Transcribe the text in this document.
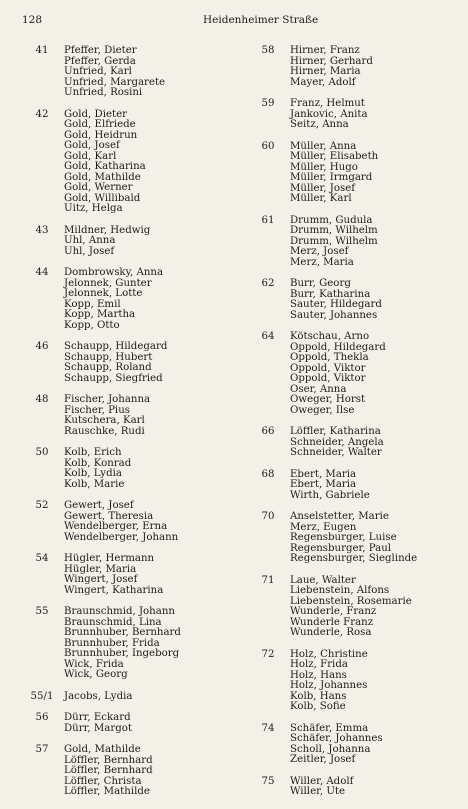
128	Heidenheimer Straße
41	Pfeffer, Dieter
Pfeffer, Gerda
Unfried, Karl
Unfried, Margarete
Unfried, Rosini
42	Gold, Dieter
Gold, Elfriede
Gold, Heidrun
Gold, Josef
Gold, Karl
Gold, Katharina
Gold, Mathilde
Gold, Werner
Gold, Willibald
Uitz, Helga
43	Mildner, Hedwig
Uhl, Anna
Uhl, Josef
44	Dombrowsky, Anna
Jelonnek, Gunter
Jelonnek, Lotte
Kopp, Emil
Kopp, Martha
Kopp, Otto
46	Schaupp, Hildegard
Schaupp, Hubert
Schaupp, Roland
Schaupp, Siegfried
48	Fischer, Johanna
Fischer, Pius
Kutschera, Karl
Rauschke, Rudi
50	Kolb, Erich
Kolb, Konrad
Kolb, Lydia
Kolb, Marie
52	Gewert, Josef
Gewert, Theresia
Wendelberger, Erna
Wendelberger, Johann
54	Hügler, Hermann
Hügler, Maria
Wingert, Josef
Wingert, Katharina
55	Braunschmid, Johann
Braunschmid, Lina
Brunnhuber, Bernhard
Brunnhuber, Frida
Brunnhuber, Ingeborg
Wick, Frida
Wick, Georg
55/1	Jacobs, Lydia
56	Dürr, Eckard
Dürr, Margot
57	Gold, Mathilde
Löffler, Bernhard
Löffler, Bernhard
Löffler, Christa
Löffler, Mathilde
58	Hirner, Franz
Hirner, Gerhard
Hirner, Maria
Mayer, Adolf
59	Franz, Helmut
Jankovic, Anita
Seitz, Anna
60	Müller, Anna
Müller, Elisabeth
Müller, Hugo
Müller, Irmgard
Müller, Josef
Müller, Karl
61	Drumm, Gudula
Drumm, Wilhelm
Drumm, Wilhelm
Merz, Josef
Merz, Maria
62	Burr, Georg
Burr, Katharina
Sauter, Hildegard
Sauter, Johannes
64	Kötschau, Arno
Oppold, Hildegard
Oppold, Thekla
Oppold, Viktor
Oppold, Viktor
Oser, Anna
Oweger, Horst
Oweger, Ilse
66	Löffler, Katharina
Schneider, Angela
Schneider, Walter
68	Ebert, Maria
Ebert, Maria
Wirth, Gabriele
70	Anselstetter, Marie
Merz, Eugen
Regensburger, Luise
Regensburger, Paul
Regensburger, Sieglinde
71	Laue, Walter
Liebenstein, Alfons
Liebenstein, Rosemarie
Wunderle, Franz
Wunderle Franz
Wunderle, Rosa
72	Holz, Christine
Holz, Frida
Holz, Hans
Holz, Johannes
Kolb, Hans
Kolb, Sofie
74	Schäfer, Emma
Schäfer, Johannes
Scholl, Johanna
Zeitler, Josef
75	Willer, Adolf
Willer, Ute
